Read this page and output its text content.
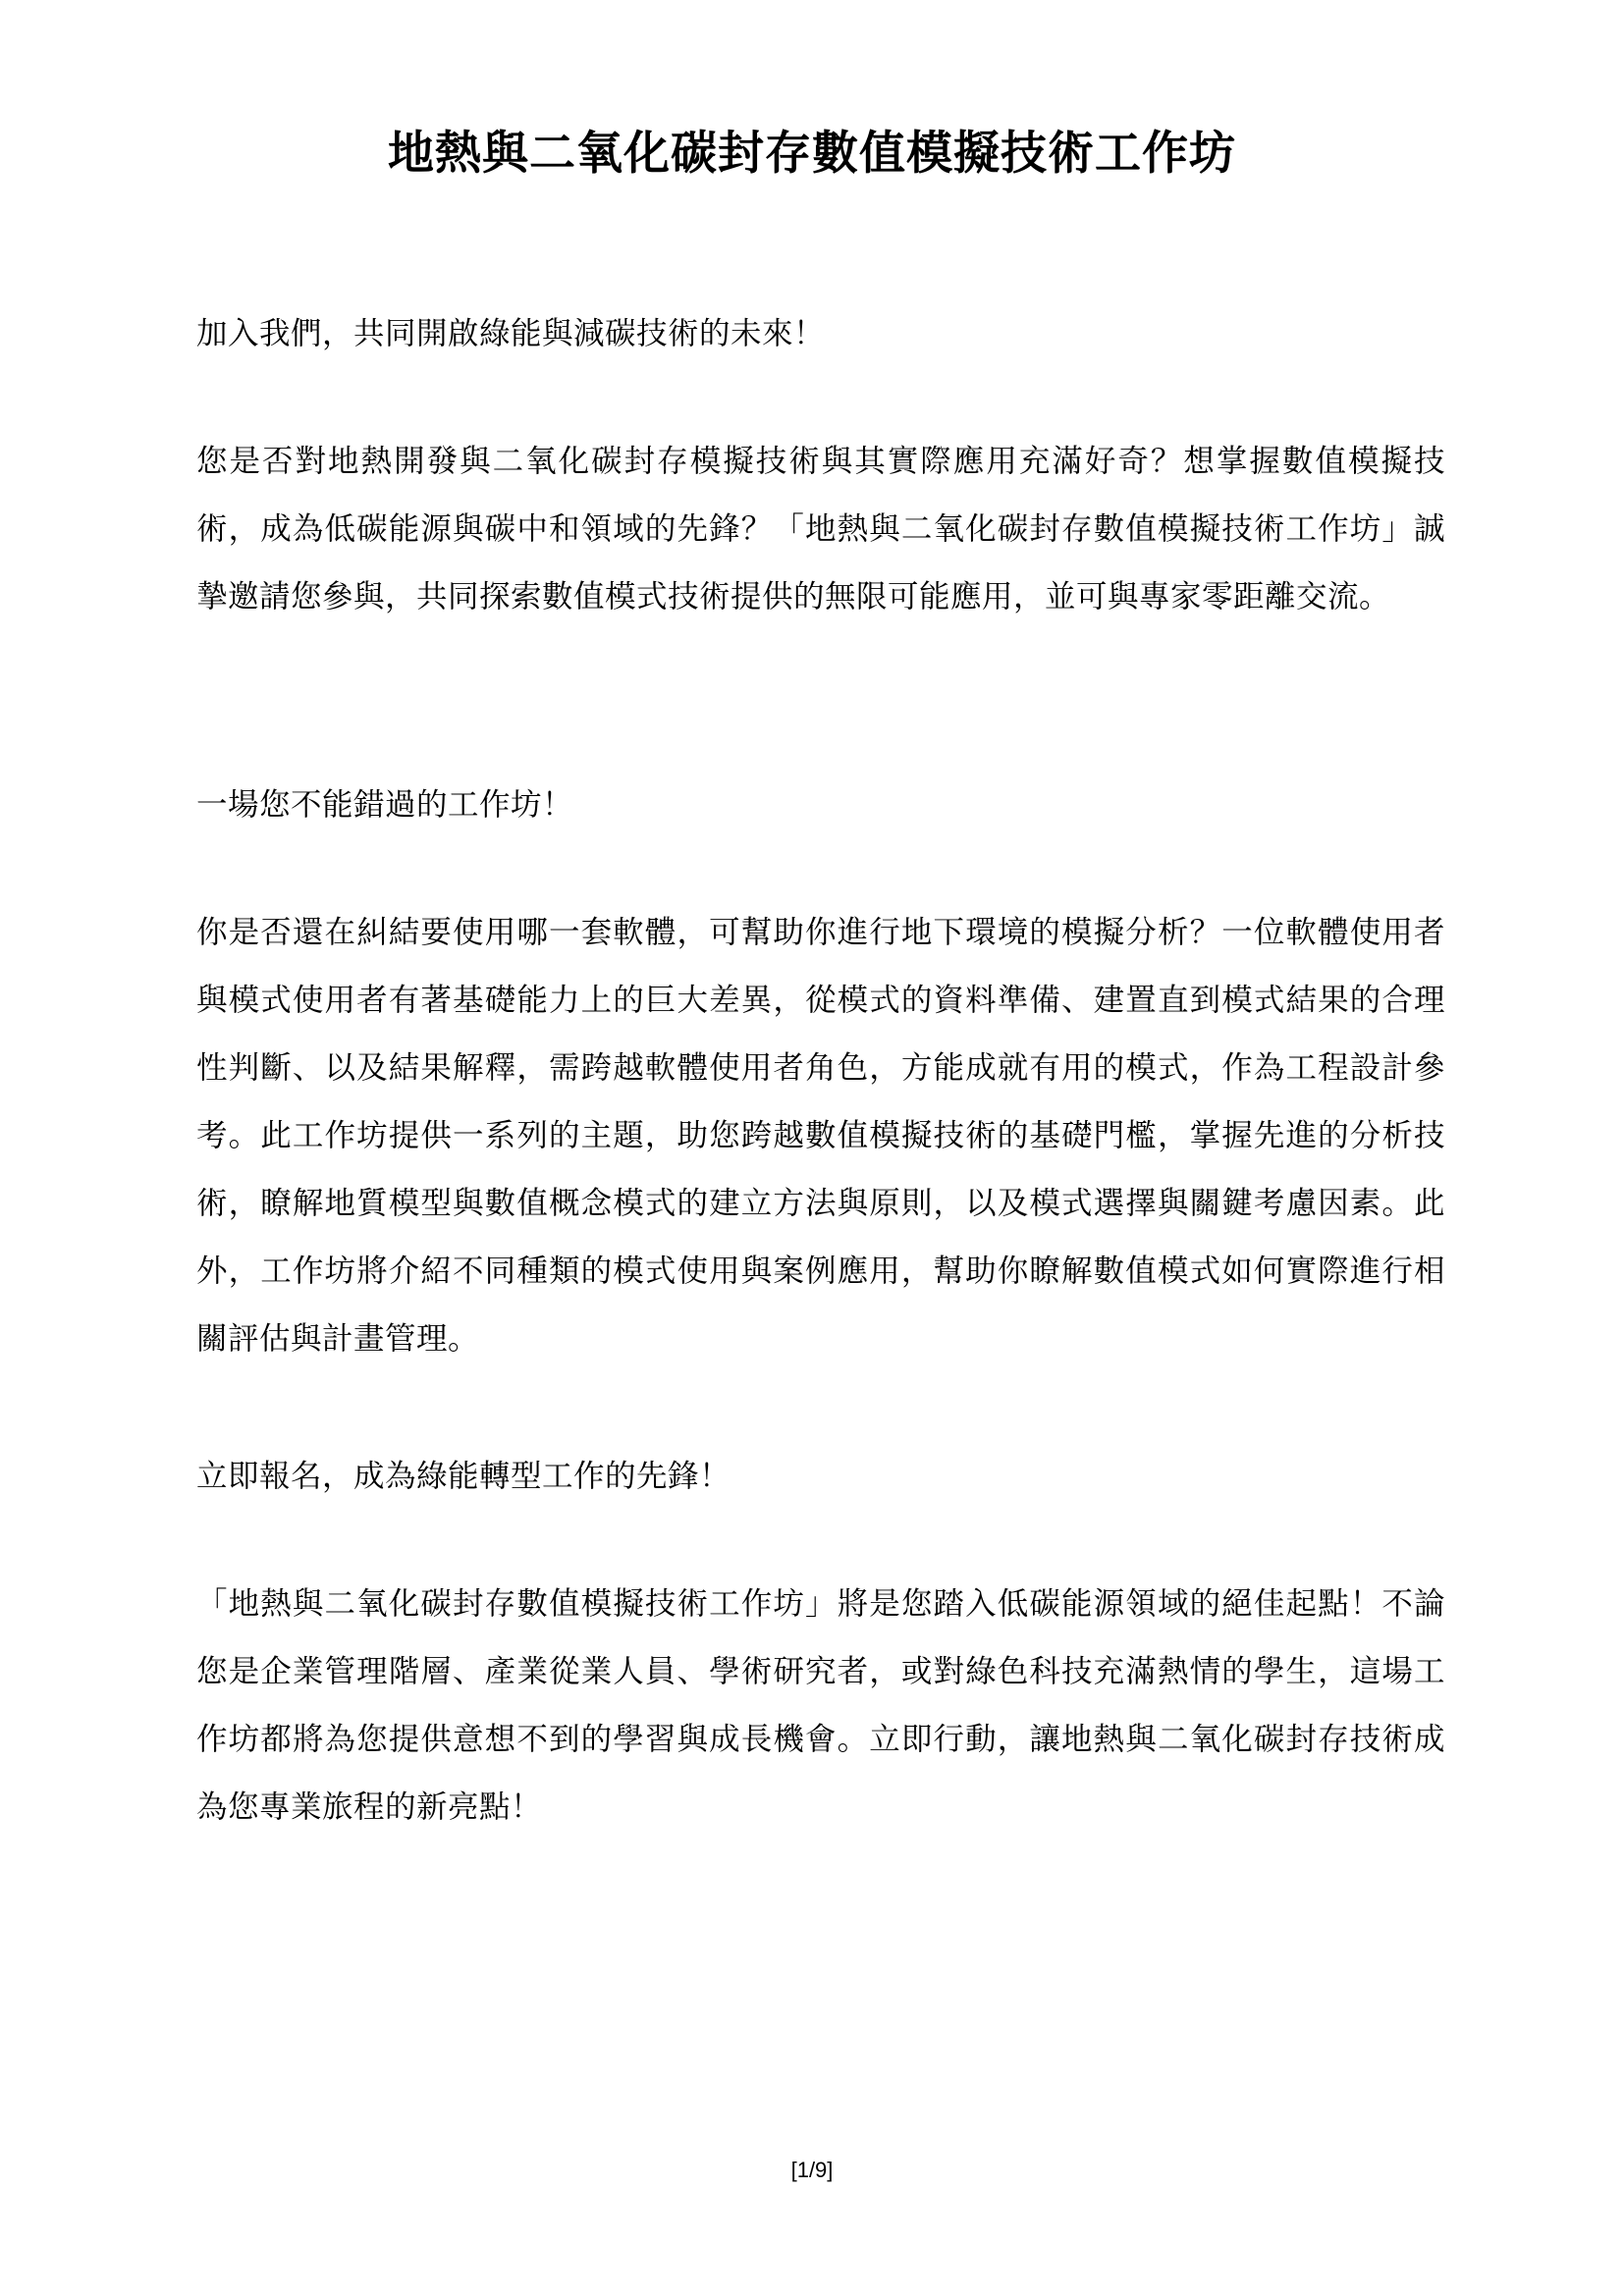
地熱與二氧化碳封存數值模擬技術工作坊

加入我們，共同開啟綠能與減碳技術的未來！

您是否對地熱開發與二氧化碳封存模擬技術與其實際應用充滿好奇？想掌握數值模擬技術，成為低碳能源與碳中和領域的先鋒？「地熱與二氧化碳封存數值模擬技術工作坊」誠摯邀請您參與，共同探索數值模式技術提供的無限可能應用，並可與專家零距離交流。

一場您不能錯過的工作坊！

你是否還在糾結要使用哪一套軟體，可幫助你進行地下環境的模擬分析？一位軟體使用者與模式使用者有著基礎能力上的巨大差異，從模式的資料準備、建置直到模式結果的合理性判斷、以及結果解釋，需跨越軟體使用者角色，方能成就有用的模式，作為工程設計參考。此工作坊提供一系列的主題，助您跨越數值模擬技術的基礎門檻，掌握先進的分析技術，瞭解地質模型與數值概念模式的建立方法與原則，以及模式選擇與關鍵考慮因素。此外，工作坊將介紹不同種類的模式使用與案例應用，幫助你瞭解數值模式如何實際進行相關評估與計畫管理。

立即報名，成為綠能轉型工作的先鋒！

「地熱與二氧化碳封存數值模擬技術工作坊」將是您踏入低碳能源領域的絕佳起點！不論您是企業管理階層、產業從業人員、學術研究者，或對綠色科技充滿熱情的學生，這場工作坊都將為您提供意想不到的學習與成長機會。立即行動，讓地熱與二氧化碳封存技術成為您專業旅程的新亮點！

[1/9]
